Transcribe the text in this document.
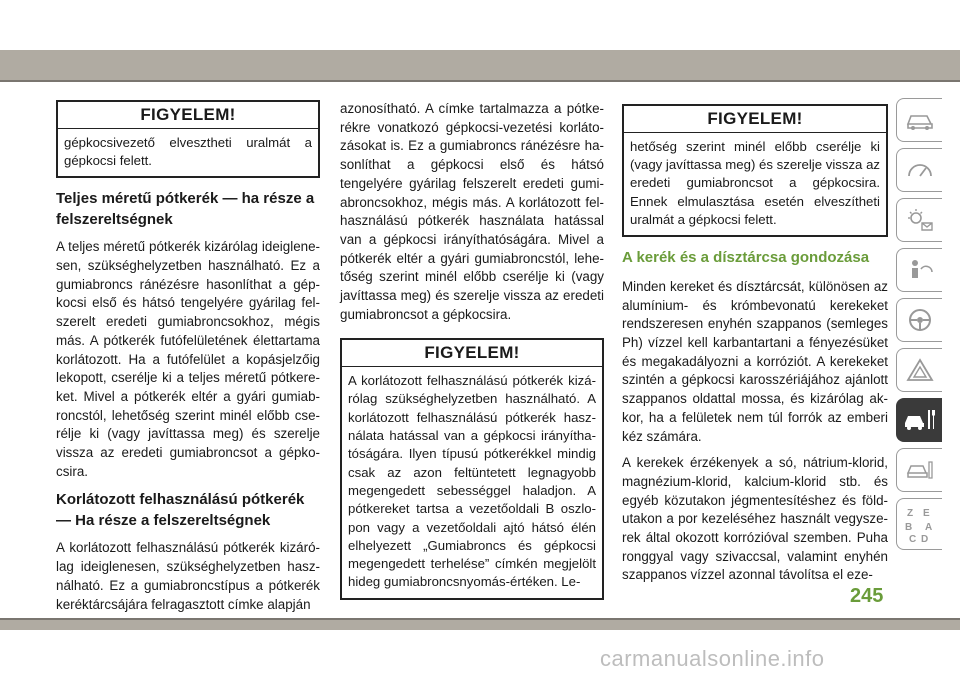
FIGYELEM!
gépkocsivezető elvesztheti uralmát a gépkocsi felett.
Teljes méretű pótkerék — ha része a felszereltségnek

A teljes méretű pótkerék kizárólag ideiglene-sen, szükséghelyzetben használható. Ez a gumiabroncs ránézésre hasonlíthat a gép-kocsi első és hátsó tengelyére gyárilag fel-szerelt eredeti gumiabroncsokhoz, mégis más. A pótkerék futófelületének élettartama korlátozott. Ha a futófelület a kopásjelzőig lekopott, cserélje ki a teljes méretű pótkere-ket. Mivel a pótkerék eltér a gyári gumiab-roncstól, lehetőség szerint minél előbb cse-rélje ki (vagy javíttassa meg) és szerelje vissza az eredeti gumiabroncsot a gépko-csira.

Korlátozott felhasználású pótkerék — Ha része a felszereltségnek

A korlátozott felhasználású pótkerék kizáró-lag ideiglenesen, szükséghelyzetben hasz-nálható. Ez a gumiabroncstípus a pótkerék keréktárcsájára felragasztott címke alapján

azonosítható. A címke tartalmazza a pótke-rékre vonatkozó gépkocsi-vezetési korláto-zásokat is. Ez a gumiabroncs ránézésre ha-sonlíthat a gépkocsi első és hátsó tengelyére gyárilag felszerelt eredeti gumi-abroncsokhoz, mégis más. A korlátozott fel-használású pótkerék használata hatással van a gépkocsi irányíthatóságára. Mivel a pótkerék eltér a gyári gumiabroncstól, lehe-tőség szerint minél előbb cserélje ki (vagy javíttassa meg) és szerelje vissza az eredeti gumiabroncsot a gépkocsira.

FIGYELEM!
A korlátozott felhasználású pótkerék kizá-rólag szükséghelyzetben használható. A korlátozott felhasználású pótkerék hasz-nálata hatással van a gépkocsi irányítha-tóságára. Ilyen típusú pótkerékkel mindig csak az azon feltüntetett legnagyobb megengedett sebességgel haladjon. A pótkereket tartsa a vezetőoldali B oszlo-pon vagy a vezetőoldali ajtó hátsó élén elhelyezett „Gumiabroncs és gépkocsi megengedett terhelése” címkén megjelölt hideg gumiabroncsnyomás-értéken. Le-
FIGYELEM!
hetőség szerint minél előbb cserélje ki (vagy javíttassa meg) és szerelje vissza az eredeti gumiabroncsot a gépkocsira. Ennek elmulasztása esetén elveszítheti uralmát a gépkocsi felett.
A kerék és a dísztárcsa gondozása

Minden kereket és dísztárcsát, különösen az alumínium- és krómbevonatú kerekeket rendszeresen enyhén szappanos (semleges Ph) vízzel kell karbantartani a fényezésüket és megakadályozni a korróziót. A kerekeket szintén a gépkocsi karosszériájához ajánlott szappanos oldattal mossa, és kizárólag ak-kor, ha a felületek nem túl forrók az emberi kéz számára.

A kerekek érzékenyek a só, nátrium-klorid, magnézium-klorid, kalcium-klorid stb. és egyéb közutakon jégmentesítéshez és föld-utakon a por kezeléséhez használt vegysze-rek által okozott korrózióval szemben. Puha ronggyal vagy szivaccsal, valamint enyhén szappanos vízzel azonnal távolítsa el eze-

Z E
B A
C D
245
carmanualsonline.info
